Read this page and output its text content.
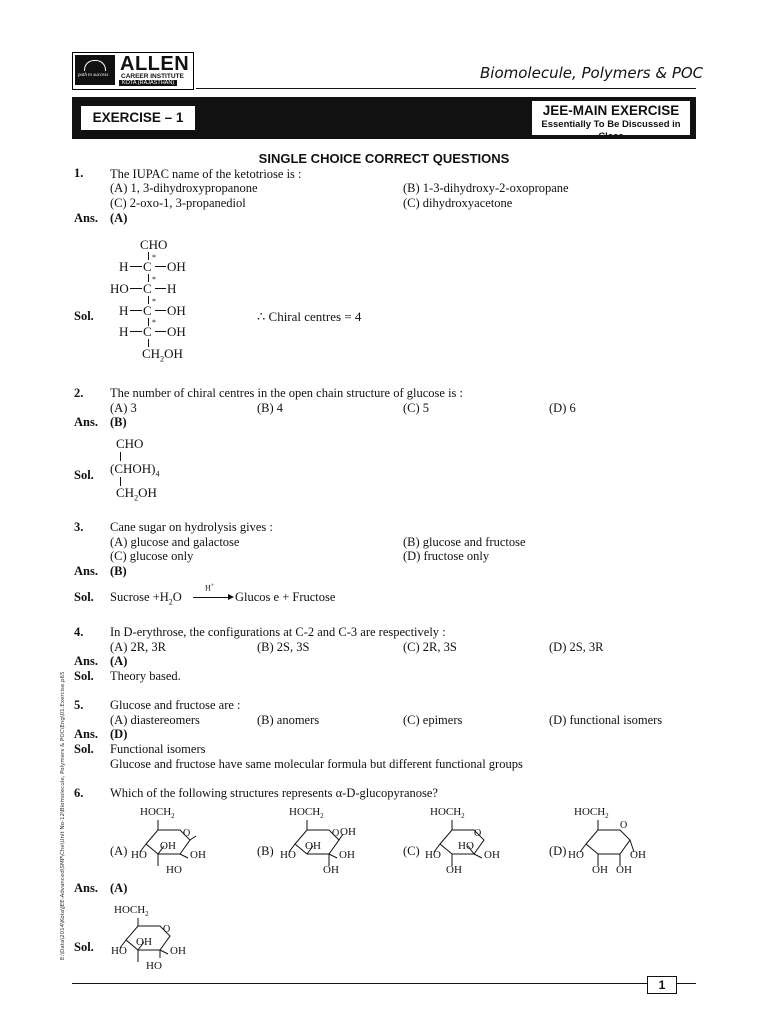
path to success
ALLEN
CAREER INSTITUTE
KOTA (RAJASTHAN)
Biomolecule, Polymers & POC
EXERCISE – 1	JEE-MAIN EXERCISE
Essentially To Be Discussed in Class
SINGLE CHOICE CORRECT QUESTIONS
1. The IUPAC name of the ketotriose is :
(A) 1, 3-dihydroxypropanone	(B) 1-3-dihydroxy-2-oxopropane
(C) 2-oxo-1, 3-propanediol	(C) dihydroxyacetone
Ans. (A)
CHO
H C
*
OH
HO C
*
H
H C
*
OH
H C
*
OH
$CH_2OH$
Sol.	∴ Chiral centres = 4
2. The number of chiral centres in the open chain structure of glucose is :
(A) 3	(B) 4	(C) 5	(D) 6
Ans. (B)
CHO
$(CHOH)_4$
$CH_2OH$
Sol.
3. Cane sugar on hydrolysis gives :
(A) glucose and galactose	(B) glucose and fructose
(C) glucose only	(D) fructose only
Ans. (B)
Sol. Sucrose $+H_2O$
H+
Glucos e + Fructose
4. In D-erythrose, the configurations at C-2 and C-3 are respectively :
(A) 2R, 3R	(B) 2S, 3S	(C) 2R, 3S	(D) 2S, 3R
Ans. (A)
Sol. Theory based.
5. Glucose and fructose are :
(A) diastereomers	(B) anomers	(C) epimers	(D) functional isomers
Ans. (D)
Sol. Functional isomers
Glucose and fructose have same molecular formula but different functional groups
6. Which of the following structures represents α-D-glucopyranose?
(A)
$HOCH_2$
O
HO
OH
OH
HO
(B)
$HOCH_2$
O OH
HO
OH
OH
OH
(C)
$HOCH_2$
O
HO
HO
OH
OH
(D)
$HOCH_2$
O
HO	OH
OH OH
Ans. (A)
Sol.
$HOCH_2$
O
HO
OH
OH
HO
E:\Data\2014\Kota\JEE-Advanced\SMP\Che\Unit No-12\Biomolecule, Polymers & POC\Eng\01.Exercise.p65
1
